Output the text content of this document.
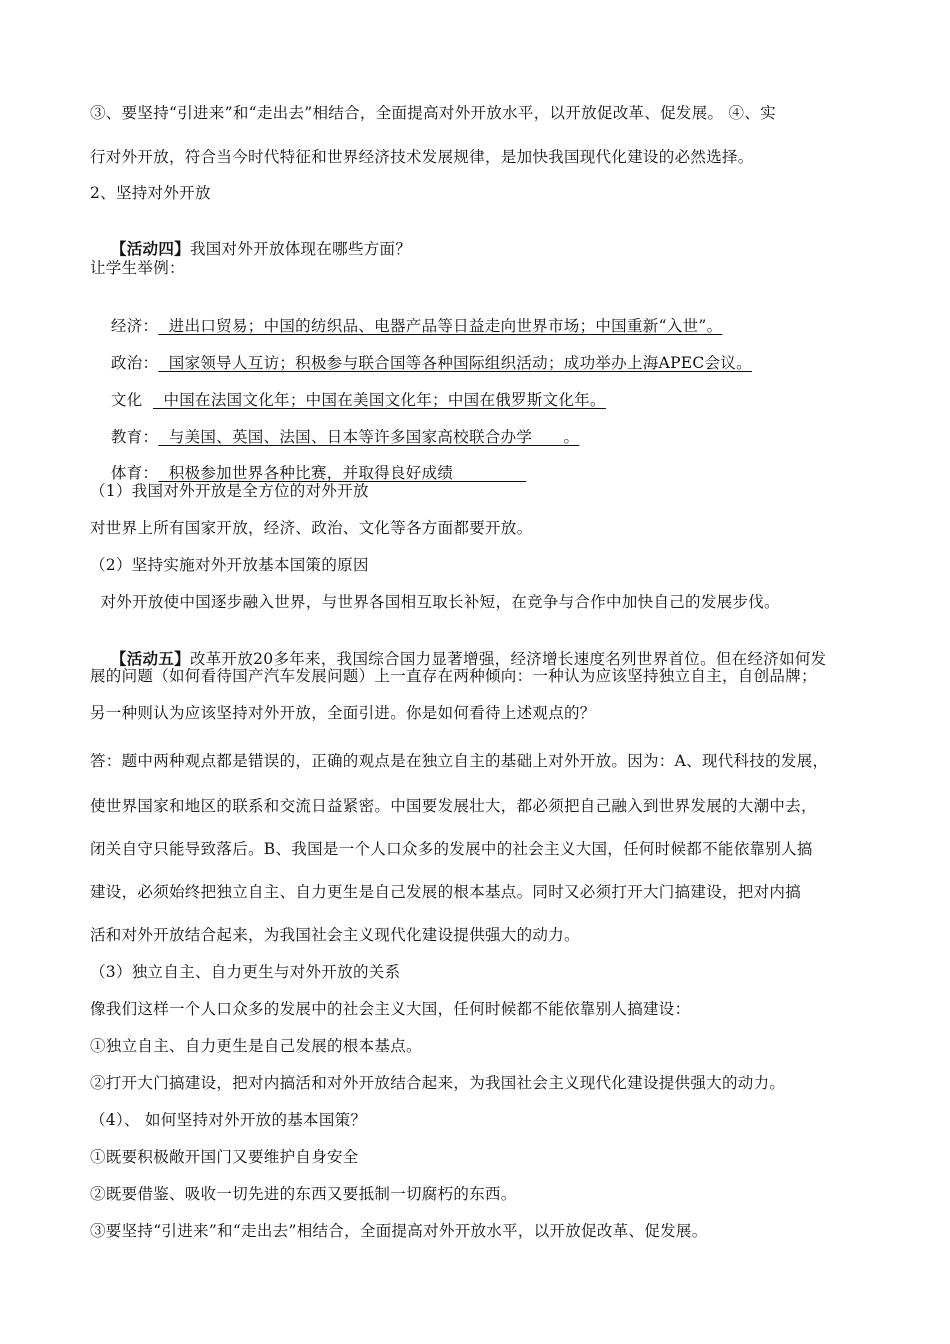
③、要坚持“引进来”和“走出去”相结合，全面提高对外开放水平，以开放促改革、促发展。 ④、实
行对外开放，符合当今时代特征和世界经济技术发展规律，是加快我国现代化建设的必然选择。
2、坚持对外开放

【活动四】我国对外开放体现在哪些方面？

让学生举例：

经济：  进出口贸易；中国的纺织品、电器产品等日益走向世界市场；中国重新“入世”。

政治：  国家领导人互访；积极参与联合国等各种国际组织活动；成功举办上海APEC会议。

文化    中国在法国文化年；中国在美国文化年；中国在俄罗斯文化年。

教育：  与美国、英国、法国、日本等许多国家高校联合办学      。

体育：  积极参加世界各种比赛，并取得良好成绩

（1）我国对外开放是全方位的对外开放
对世界上所有国家开放，经济、政治、文化等各方面都要开放。
（2）坚持实施对外开放基本国策的原因
对外开放使中国逐步融入世界，与世界各国相互取长补短，在竞争与合作中加快自己的发展步伐。

【活动五】改革开放20多年来，我国综合国力显著增强，经济增长速度名列世界首位。但在经济如何发

展的问题（如何看待国产汽车发展问题）上一直存在两种倾向：一种认为应该坚持独立自主，自创品牌；
另一种则认为应该坚持对外开放，全面引进。你是如何看待上述观点的？
答：题中两种观点都是错误的，正确的观点是在独立自主的基础上对外开放。因为：A、现代科技的发展，
使世界国家和地区的联系和交流日益紧密。中国要发展壮大，都必须把自己融入到世界发展的大潮中去，
闭关自守只能导致落后。B、我国是一个人口众多的发展中的社会主义大国，任何时候都不能依靠别人搞
建设，必须始终把独立自主、自力更生是自己发展的根本基点。同时又必须打开大门搞建设，把对内搞
活和对外开放结合起来，为我国社会主义现代化建设提供强大的动力。
（3）独立自主、自力更生与对外开放的关系
像我们这样一个人口众多的发展中的社会主义大国，任何时候都不能依靠别人搞建设：
①独立自主、自力更生是自己发展的根本基点。
②打开大门搞建设，把对内搞活和对外开放结合起来，为我国社会主义现代化建设提供强大的动力。
（4）、 如何坚持对外开放的基本国策？
①既要积极敞开国门又要维护自身安全
②既要借鉴、吸收一切先进的东西又要抵制一切腐朽的东西。
③要坚持“引进来”和“走出去”相结合，全面提高对外开放水平，以开放促改革、促发展。
